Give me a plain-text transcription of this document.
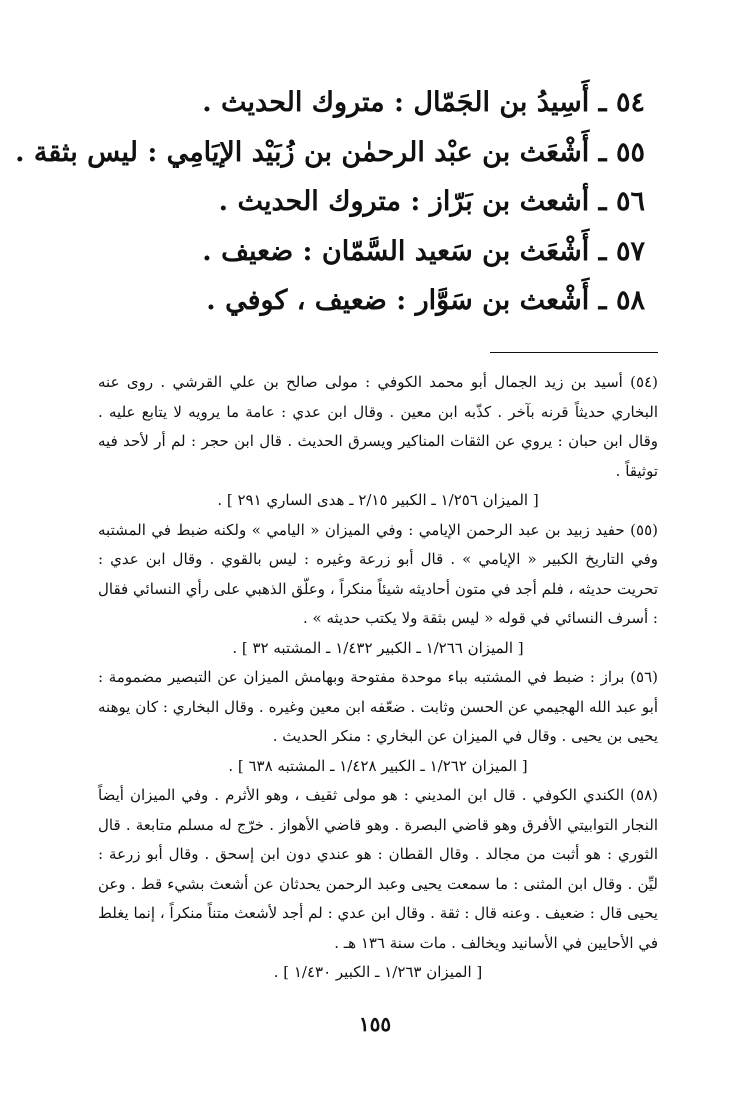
٥٤ ـ أَسِيدُ بن الجَمّال : متروك الحديث .
٥٥ ـ أَشْعَث بن عبْد الرحمٰن بن زُبَيْد الإيَامِي : ليس بثقة .
٥٦ ـ أشعث بن بَرّاز : متروك الحديث .
٥٧ ـ أَشْعَث بن سَعيد السَّمّان : ضعيف .
٥٨ ـ أَشْعث بن سَوَّار : ضعيف ، كوفي .

(٥٤) أسيد بن زيد الجمال أبو محمد الكوفي : مولى صالح بن علي القرشي . روى عنه البخاري حديثاً قرنه بآخر . كذّبه ابن معين . وقال ابن عدي : عامة ما يرويه لا يتابع عليه . وقال ابن حبان : يروي عن الثقات المناكير ويسرق الحديث . قال ابن حجر : لم أر لأحد فيه توثيقاً .
[ الميزان ١/٢٥٦ ـ الكبير ٢/١٥ ـ هدى الساري ٢٩١ ] .

(٥٥) حفيد زبيد بن عبد الرحمن الإيامي : وفي الميزان « اليامي » ولكنه ضبط في المشتبه وفي التاريخ الكبير « الإيامي » . قال أبو زرعة وغيره : ليس بالقوي . وقال ابن عدي : تحريت حديثه ، فلم أجد في متون أحاديثه شيئاً منكراً ، وعلّق الذهبي على رأي النسائي فقال : أسرف النسائي في قوله « ليس بثقة ولا يكتب حديثه » .
[ الميزان ١/٢٦٦ ـ الكبير ١/٤٣٢ ـ المشتبه ٣٢ ] .

(٥٦) براز : ضبط في المشتبه بباء موحدة مفتوحة وبهامش الميزان عن التبصير مضمومة : أبو عبد الله الهجيمي عن الحسن وثابت . ضعّفه ابن معين وغيره . وقال البخاري : كان يوهنه يحيى بن يحيى . وقال في الميزان عن البخاري : منكر الحديث .
[ الميزان ١/٢٦٢ ـ الكبير ١/٤٢٨ ـ المشتبه ٦٣٨ ] .

(٥٨) الكندي الكوفي . قال ابن المديني : هو مولى ثقيف ، وهو الأثرم . وفي الميزان أيضاً النجار التوابيتي الأفرق وهو قاضي البصرة . وهو قاضي الأهواز . خرّج له مسلم متابعة . قال الثوري : هو أثبت من مجالد . وقال القطان : هو عندي دون ابن إسحق . وقال أبو زرعة : ليِّن . وقال ابن المثنى : ما سمعت يحيى وعبد الرحمن يحدثان عن أشعث بشيء قط . وعن يحيى قال : ضعيف . وعنه قال : ثقة . وقال ابن عدي : لم أجد لأشعث متناً منكراً ، إنما يغلط في الأحايين في الأسانيد ويخالف . مات سنة ١٣٦ هـ .
[ الميزان ١/٢٦٣ ـ الكبير ١/٤٣٠ ] .

١٥٥
